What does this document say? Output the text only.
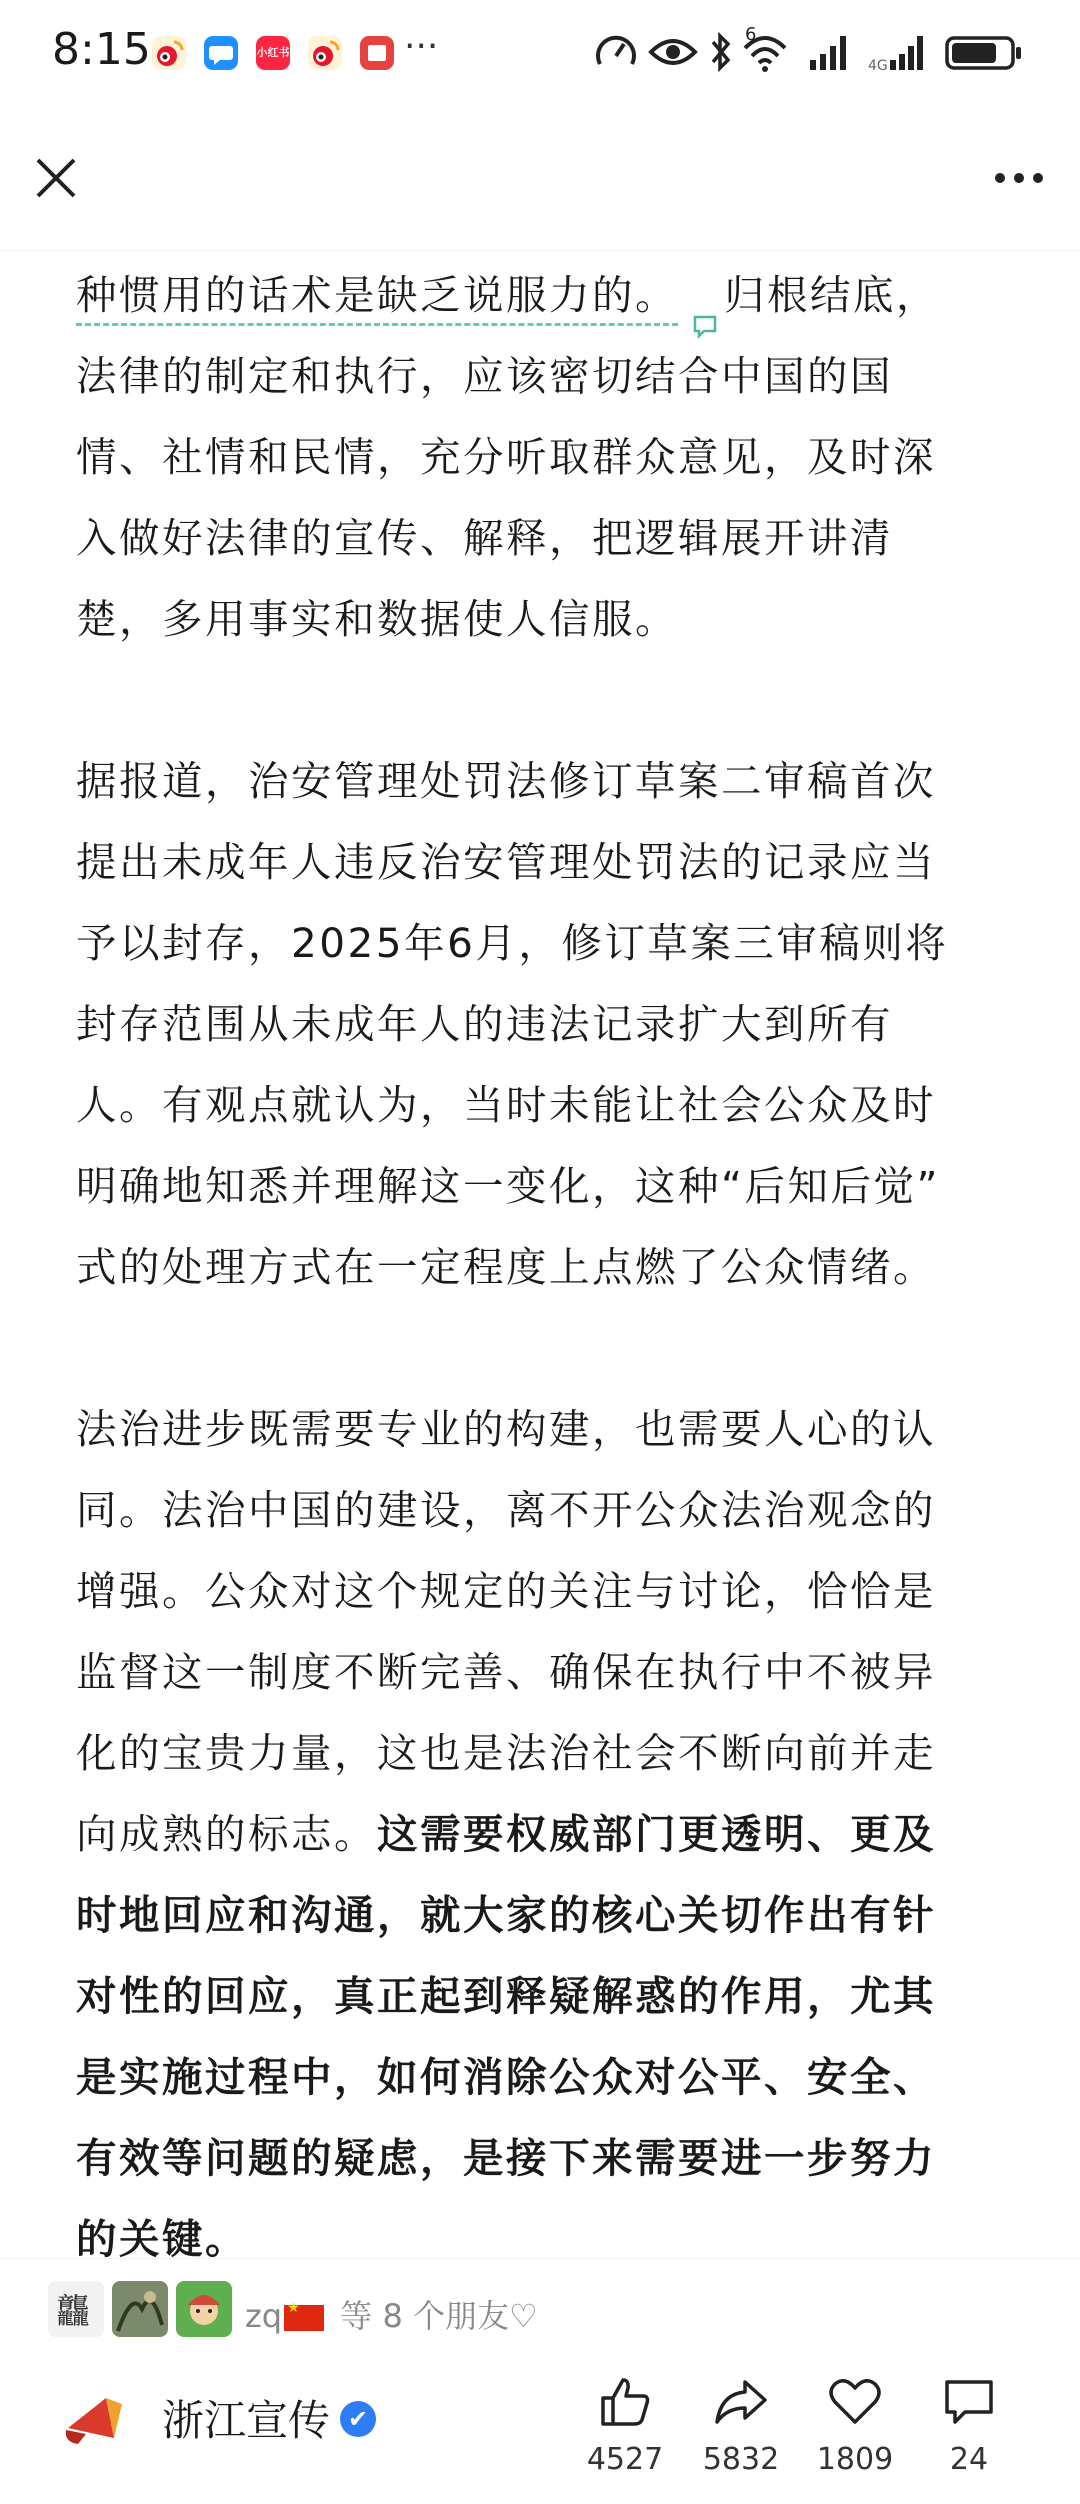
8:15	小红书	···	6
4G

种惯用的话术是缺乏说服力的。 归根结底，

法律的制定和执行，应该密切结合中国的国

情、社情和民情，充分听取群众意见，及时深

入做好法律的宣传、解释，把逻辑展开讲清

楚，多用事实和数据使人信服。

据报道，治安管理处罚法修订草案二审稿首次

提出未成年人违反治安管理处罚法的记录应当

予以封存，2025年6月，修订草案三审稿则将

封存范围从未成年人的违法记录扩大到所有

人。有观点就认为，当时未能让社会公众及时

明确地知悉并理解这一变化，这种“后知后觉”

式的处理方式在一定程度上点燃了公众情绪。

法治进步既需要专业的构建，也需要人心的认

同。法治中国的建设，离不开公众法治观念的

增强。公众对这个规定的关注与讨论，恰恰是

监督这一制度不断完善、确保在执行中不被异

化的宝贵力量，这也是法治社会不断向前并走

向成熟的标志。这需要权威部门更透明、更及

时地回应和沟通，就大家的核心关切作出有针

对性的回应，真正起到释疑解惑的作用，尤其

是实施过程中，如何消除公众对公平、安全、

有效等问题的疑虑，是接下来需要进一步努力

的关键。

龘	zq★ 等 8 个朋友♡
浙江宣传 ✔
4527	5832	1809	24
